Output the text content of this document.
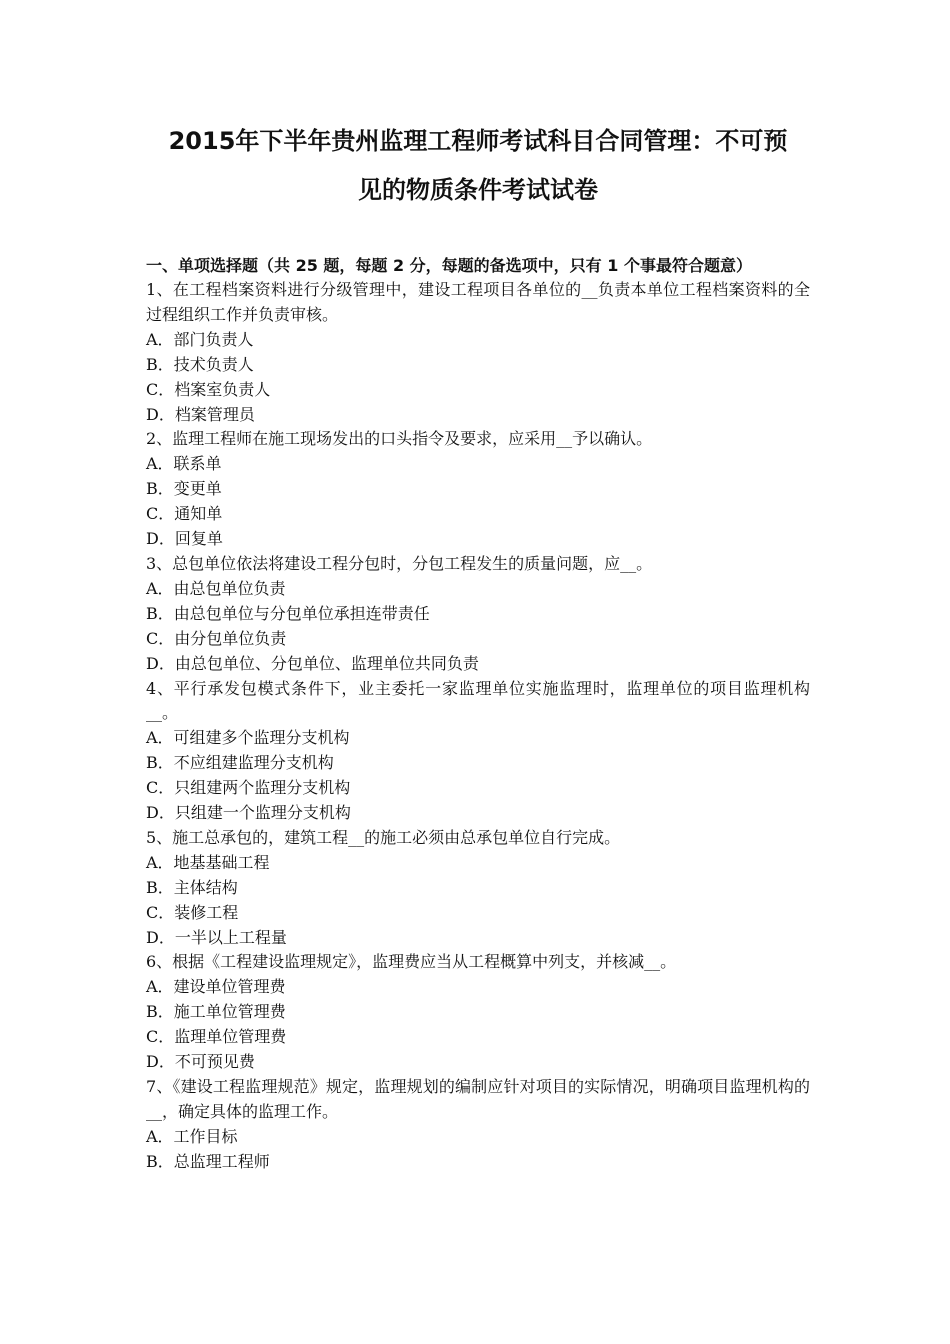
2015年下半年贵州监理工程师考试科目合同管理：不可预
见的物质条件考试试卷
一、单项选择题（共 25 题，每题 2 分，每题的备选项中，只有 1 个事最符合题意）
1、在工程档案资料进行分级管理中，建设工程项目各单位的__负责本单位工程档案资料的全过程组织工作并负责审核。
A．部门负责人
B．技术负责人
C．档案室负责人
D．档案管理员
2、监理工程师在施工现场发出的口头指令及要求，应采用__予以确认。
A．联系单
B．变更单
C．通知单
D．回复单
3、总包单位依法将建设工程分包时，分包工程发生的质量问题，应__。
A．由总包单位负责
B．由总包单位与分包单位承担连带责任
C．由分包单位负责
D．由总包单位、分包单位、监理单位共同负责
4、平行承发包模式条件下，业主委托一家监理单位实施监理时，监理单位的项目监理机构__。
A．可组建多个监理分支机构
B．不应组建监理分支机构
C．只组建两个监理分支机构
D．只组建一个监理分支机构
5、施工总承包的，建筑工程__的施工必须由总承包单位自行完成。
A．地基基础工程
B．主体结构
C．装修工程
D．一半以上工程量
6、根据《工程建设监理规定》，监理费应当从工程概算中列支，并核减__。
A．建设单位管理费
B．施工单位管理费
C．监理单位管理费
D．不可预见费
7、《建设工程监理规范》规定，监理规划的编制应针对项目的实际情况，明确项目监理机构的__，确定具体的监理工作。
A．工作目标
B．总监理工程师
